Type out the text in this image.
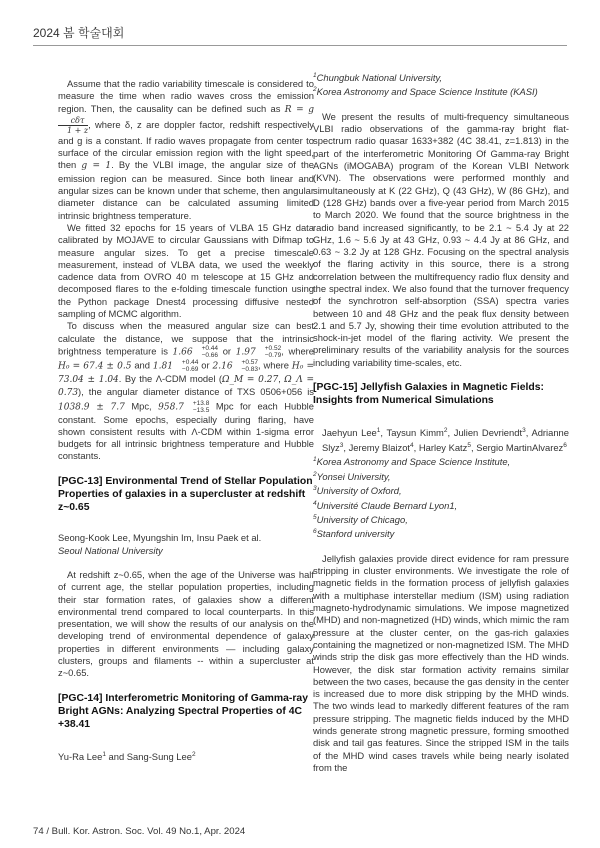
2024 봄 학술대회

Assume that the radio variability timescale is considered to measure the time when radio waves cross the emission region. Then, the causality can be defined such as R = g
$\frac{\text{cδτ}}{1 + z}$ , where δ, z are doppler factor, redshift respectively and g is a constant. If radio waves propagate from center to surface of the circular emission region with the light speed, then g = 1. By the VLBI image, the angular size of the emission region can be measured. Since both linear and angular sizes can be known under that scheme, then angular diameter distance can be calculated assuming limited intrinsic brightness temperature.

We fitted 32 epochs for 15 years of VLBA 15 GHz data calibrated by MOJAVE to circular Gaussians with Difmap to measure angular sizes. To get a precise timescale measurement, instead of VLBA data, we used the weekly cadence data from OVRO 40 m telescope at 15 GHz and decomposed flares to the e-folding timescale function using the Python package Dnest4 processing diffusive nested sampling of MCMC algorithm.

To discuss when the measured angular size can best calculate the distance, we suppose that the intrinsic brightness temperature is 1.66	+0.44
−0.66 or 1.97	+0.52
−0.79 , where H₀ = 67.4 ± 0.5 and 1.81	+0.44
−0.69 or 2.16	+0.57
−0.83 , where H₀ = 73.04 ± 1.04. By the Λ-CDM model (Ω_M = 0.27, Ω_Λ = 0.73), the angular diameter distance of TXS 0506+056 is 1038.9 ± 7.7 Mpc, 958.7	+13.8
−13.5 Mpc for each Hubble constant. Some epochs, especially during flaring, have shown consistent results with Λ-CDM within 1-sigma error budgets for all intrinsic brightness temperature and Hubble constants.

[PGC-13] Environmental Trend of Stellar Population Properties of galaxies in a supercluster at redshift z~0.65

Seong-Kook Lee, Myungshin Im, Insu Paek et al.

Seoul National University

At redshift z~0.65, when the age of the Universe was half of current age, the stellar population properties, including their star formation rates, of galaxies show a different environmental trend compared to local counterparts. In this presentation, we will show the results of our analysis on the developing trend of environmental dependence of galaxy properties in different environments — including galaxy clusters, groups and filaments -- within a supercluster at z~0.65.

[PGC-14] Interferometric Monitoring of Gamma-ray Bright AGNs: Analyzing Spectral Properties of 4C +38.41

Yu-Ra Lee$^1$ and Sang-Sung Lee$^2$

$^1$Chungbuk National University,

$^2$Korea Astronomy and Space Science Institute (KASI)

We present the results of multi-frequency simultaneous VLBI radio observations of the gamma-ray bright flat-spectrum radio quasar 1633+382 (4C 38.41, z=1.813) in the part of the interferometric Monitoring Of Gamma-ray Bright AGNs (iMOGABA) program of the Korean VLBI Network (KVN). The observations were performed monthly and simultaneously at K (22 GHz), Q (43 GHz), W (86 GHz), and D (128 GHz) bands over a five-year period from March 2015 to March 2020. We found that the source brightness in the radio band increased significantly, to be 2.1 ~ 5.4 Jy at 22 GHz, 1.6 ~ 5.6 Jy at 43 GHz, 0.93 ~ 4.4 Jy at 86 GHz, and 0.63 ~ 3.2 Jy at 128 GHz. Focusing on the spectral analysis of the flaring activity in this source, there is a strong correlation between the multifrequency radio flux density and the spectral index. We also found that the turnover frequency of the synchrotron self-absorption (SSA) spectra varies between 10 and 48 GHz and the peak flux density between 2.1 and 5.7 Jy, showing their time evolution attributed to the shock-in-jet model of the flaring activity. We present the preliminary results of the variability analysis for the sources including variability time-scales, etc.

[PGC-15] Jellyfish Galaxies in Magnetic Fields: Insights from Numerical Simulations

Jaehyun Lee$^1$, Taysun Kimm$^2$, Julien Devriendt$^3$, Adrianne Slyz$^3$, Jeremy Blaizot$^4$, Harley Katz$^5$, Sergio MartinAlvarez$^6$

$^1$Korea Astronomy and Space Science Institute,

$^2$Yonsei University,

$^3$University of Oxford,

$^4$Université Claude Bernard Lyon1,

$^5$University of Chicago,

$^6$Stanford university

Jellyfish galaxies provide direct evidence for ram pressure stripping in cluster environments. We investigate the role of magnetic fields in the formation process of jellyfish galaxies with a multiphase interstellar medium (ISM) using radiation magneto-hydrodynamic simulations. We impose magnetized (MHD) and non-magnetized (HD) winds, which mimic the ram pressure at the cluster center, on the gas-rich galaxies containing the magnetized or non-magnetized ISM. The MHD winds strip the disk gas more effectively than the HD winds. However, the disk star formation activity remains similar between the two cases, because the gas density in the center is increased due to more disk stripping by the MHD winds. The two winds lead to markedly different features of the ram pressure stripping. The magnetic fields induced by the MHD winds generate strong magnetic pressure, forming smoothed disk and tail gas features. Since the stripped ISM in the tails of the MHD wind cases travels while being nearly isolated from the

74 / Bull. Kor. Astron. Soc. Vol. 49 No.1, Apr. 2024
